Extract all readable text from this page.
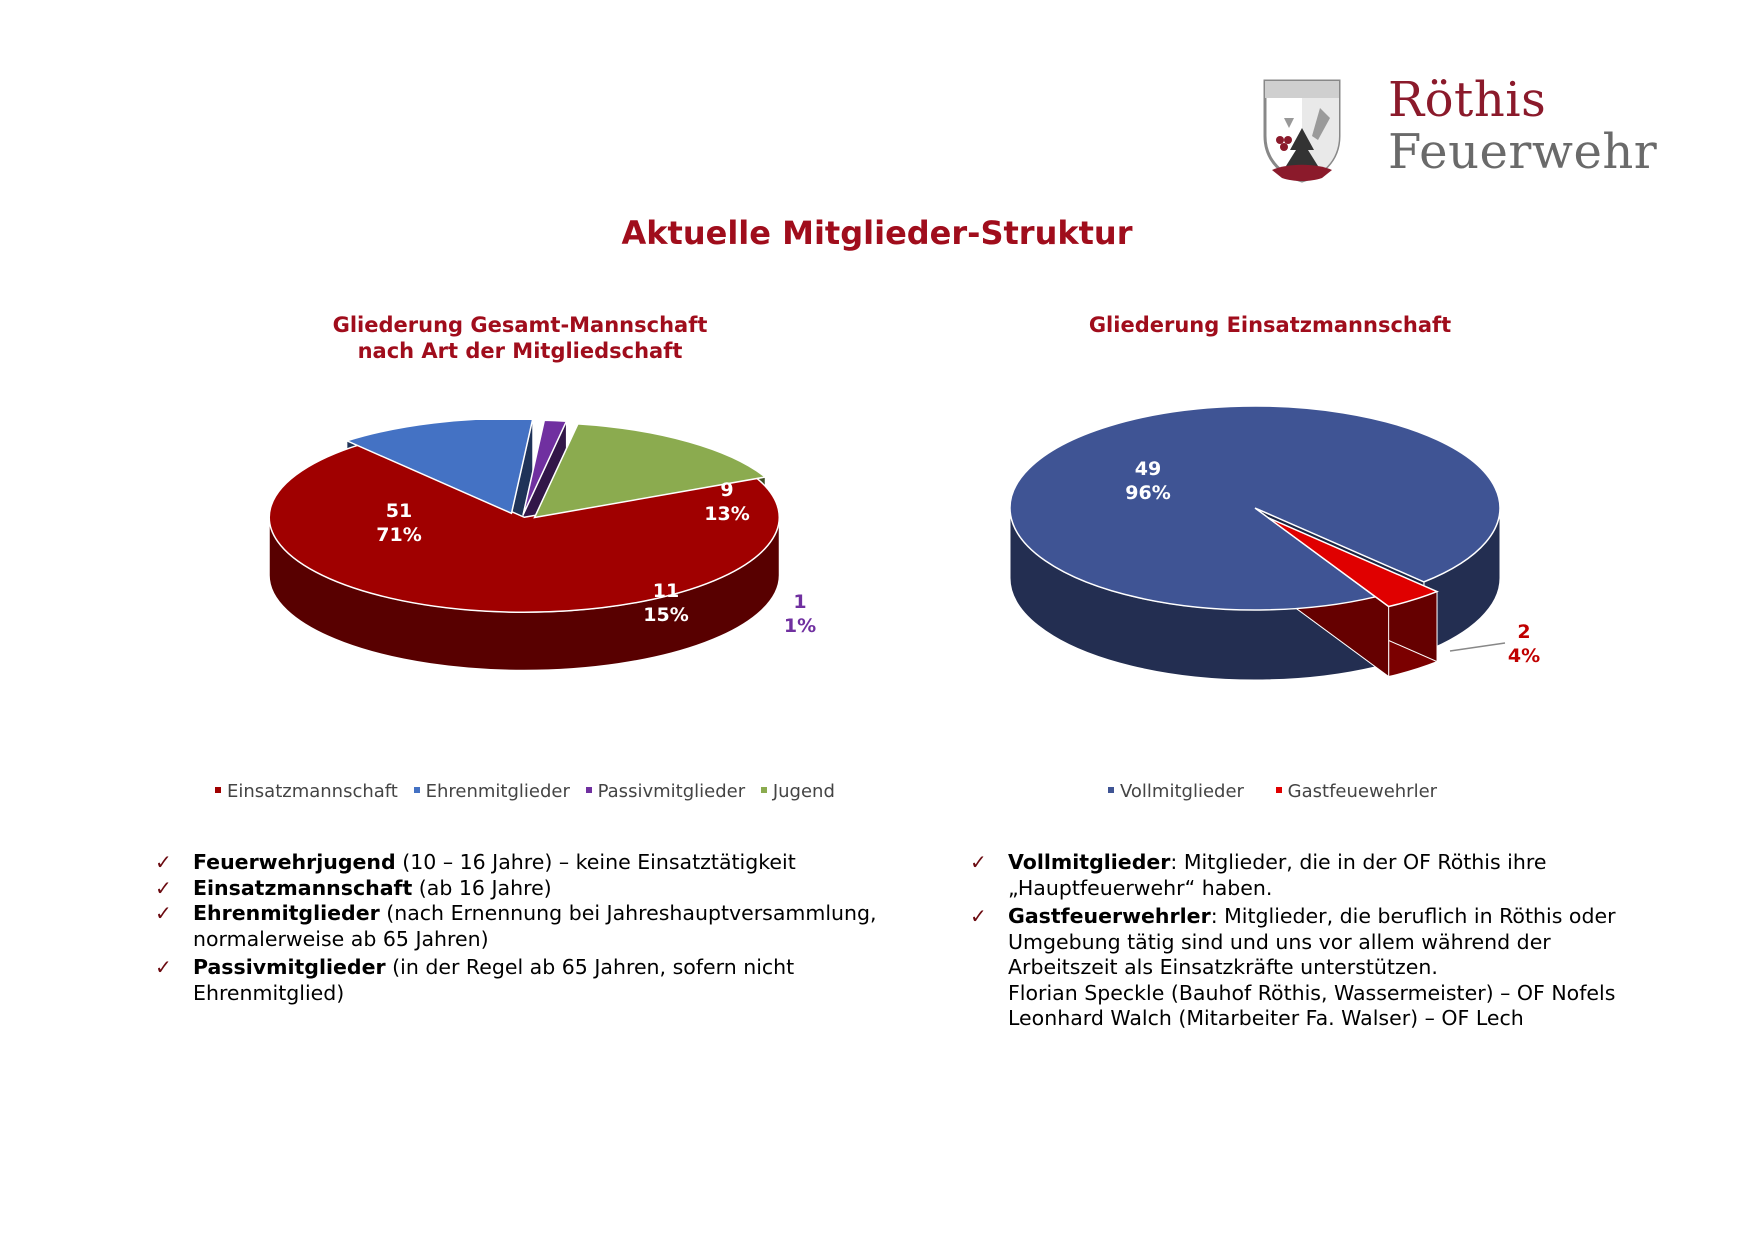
Röthis
Feuerwehr
Aktuelle Mitglieder-Struktur
Gliederung Gesamt-Mannschaft
nach Art der Mitgliedschaft
Gliederung Einsatzmannschaft
51
71%
9
13%
1
1%
11
15%
49
96%
2
4%
Einsatzmannschaft Ehrenmitglieder Passivmitglieder Jugend	Vollmitglieder Gastfeuewehrler
✓ Feuerwehrjugend (10 – 16 Jahre) – keine Einsatztätigkeit
✓ Einsatzmannschaft (ab 16 Jahre)
✓ Ehrenmitglieder (nach Ernennung bei Jahreshauptversammlung, normalerweise ab 65 Jahren)
✓ Passivmitglieder (in der Regel ab 65 Jahren, sofern nicht Ehrenmitglied)
✓ Vollmitglieder: Mitglieder, die in der OF Röthis ihre „Hauptfeuerwehr“ haben.
✓ Gastfeuerwehrler: Mitglieder, die beruflich in Röthis oder Umgebung tätig sind und uns vor allem während der Arbeitszeit als Einsatzkräfte unterstützen.
Florian Speckle (Bauhof Röthis, Wassermeister) – OF Nofels
Leonhard Walch (Mitarbeiter Fa. Walser) – OF Lech
